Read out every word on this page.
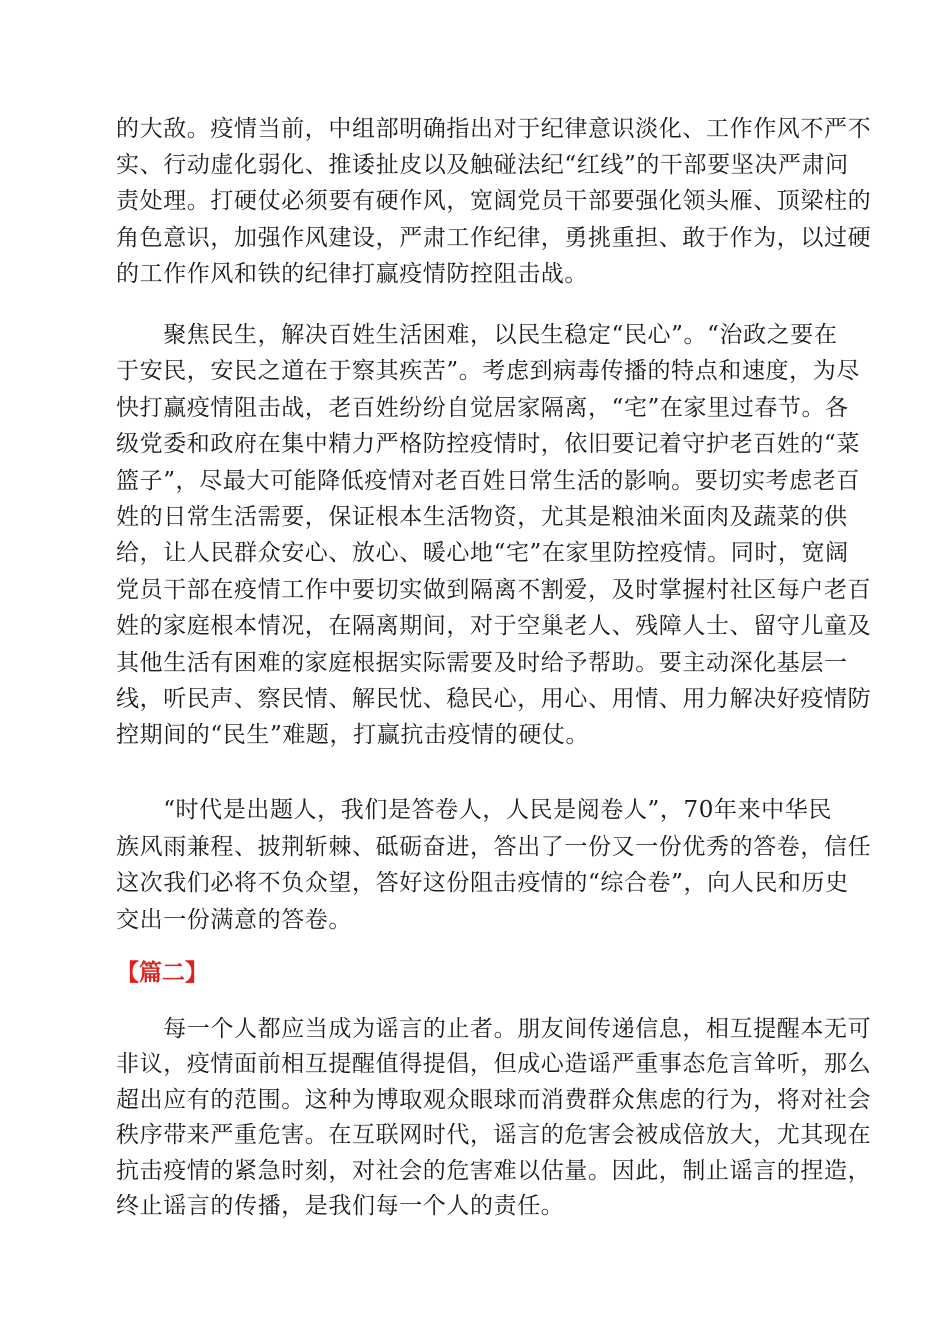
的大敌。疫情当前，中组部明确指出对于纪律意识淡化、工作作风不严不
实、行动虚化弱化、推诿扯皮以及触碰法纪“红线”的干部要坚决严肃问
责处理。打硬仗必须要有硬作风，宽阔党员干部要强化领头雁、顶梁柱的
角色意识，加强作风建设，严肃工作纪律，勇挑重担、敢于作为，以过硬
的工作作风和铁的纪律打赢疫情防控阻击战。
　　聚焦民生，解决百姓生活困难，以民生稳定“民心”。“治政之要在
于安民，安民之道在于察其疾苦”。考虑到病毒传播的特点和速度，为尽
快打赢疫情阻击战，老百姓纷纷自觉居家隔离，“宅”在家里过春节。各
级党委和政府在集中精力严格防控疫情时，依旧要记着守护老百姓的“菜
篮子”，尽最大可能降低疫情对老百姓日常生活的影响。要切实考虑老百
姓的日常生活需要，保证根本生活物资，尤其是粮油米面肉及蔬菜的供
给，让人民群众安心、放心、暖心地“宅”在家里防控疫情。同时，宽阔
党员干部在疫情工作中要切实做到隔离不割爱，及时掌握村社区每户老百
姓的家庭根本情况，在隔离期间，对于空巢老人、残障人士、留守儿童及
其他生活有困难的家庭根据实际需要及时给予帮助。要主动深化基层一
线，听民声、察民情、解民忧、稳民心，用心、用情、用力解决好疫情防
控期间的“民生”难题，打赢抗击疫情的硬仗。
　　“时代是出题人，我们是答卷人，人民是阅卷人”，70年来中华民
族风雨兼程、披荆斩棘、砥砺奋进，答出了一份又一份优秀的答卷，信任
这次我们必将不负众望，答好这份阻击疫情的“综合卷”，向人民和历史
交出一份满意的答卷。
【篇二】
　　每一个人都应当成为谣言的止者。朋友间传递信息，相互提醒本无可
非议，疫情面前相互提醒值得提倡，但成心造谣严重事态危言耸听，那么
超出应有的范围。这种为博取观众眼球而消费群众焦虑的行为，将对社会
秩序带来严重危害。在互联网时代，谣言的危害会被成倍放大，尤其现在
抗击疫情的紧急时刻，对社会的危害难以估量。因此，制止谣言的捏造，
终止谣言的传播，是我们每一个人的责任。
